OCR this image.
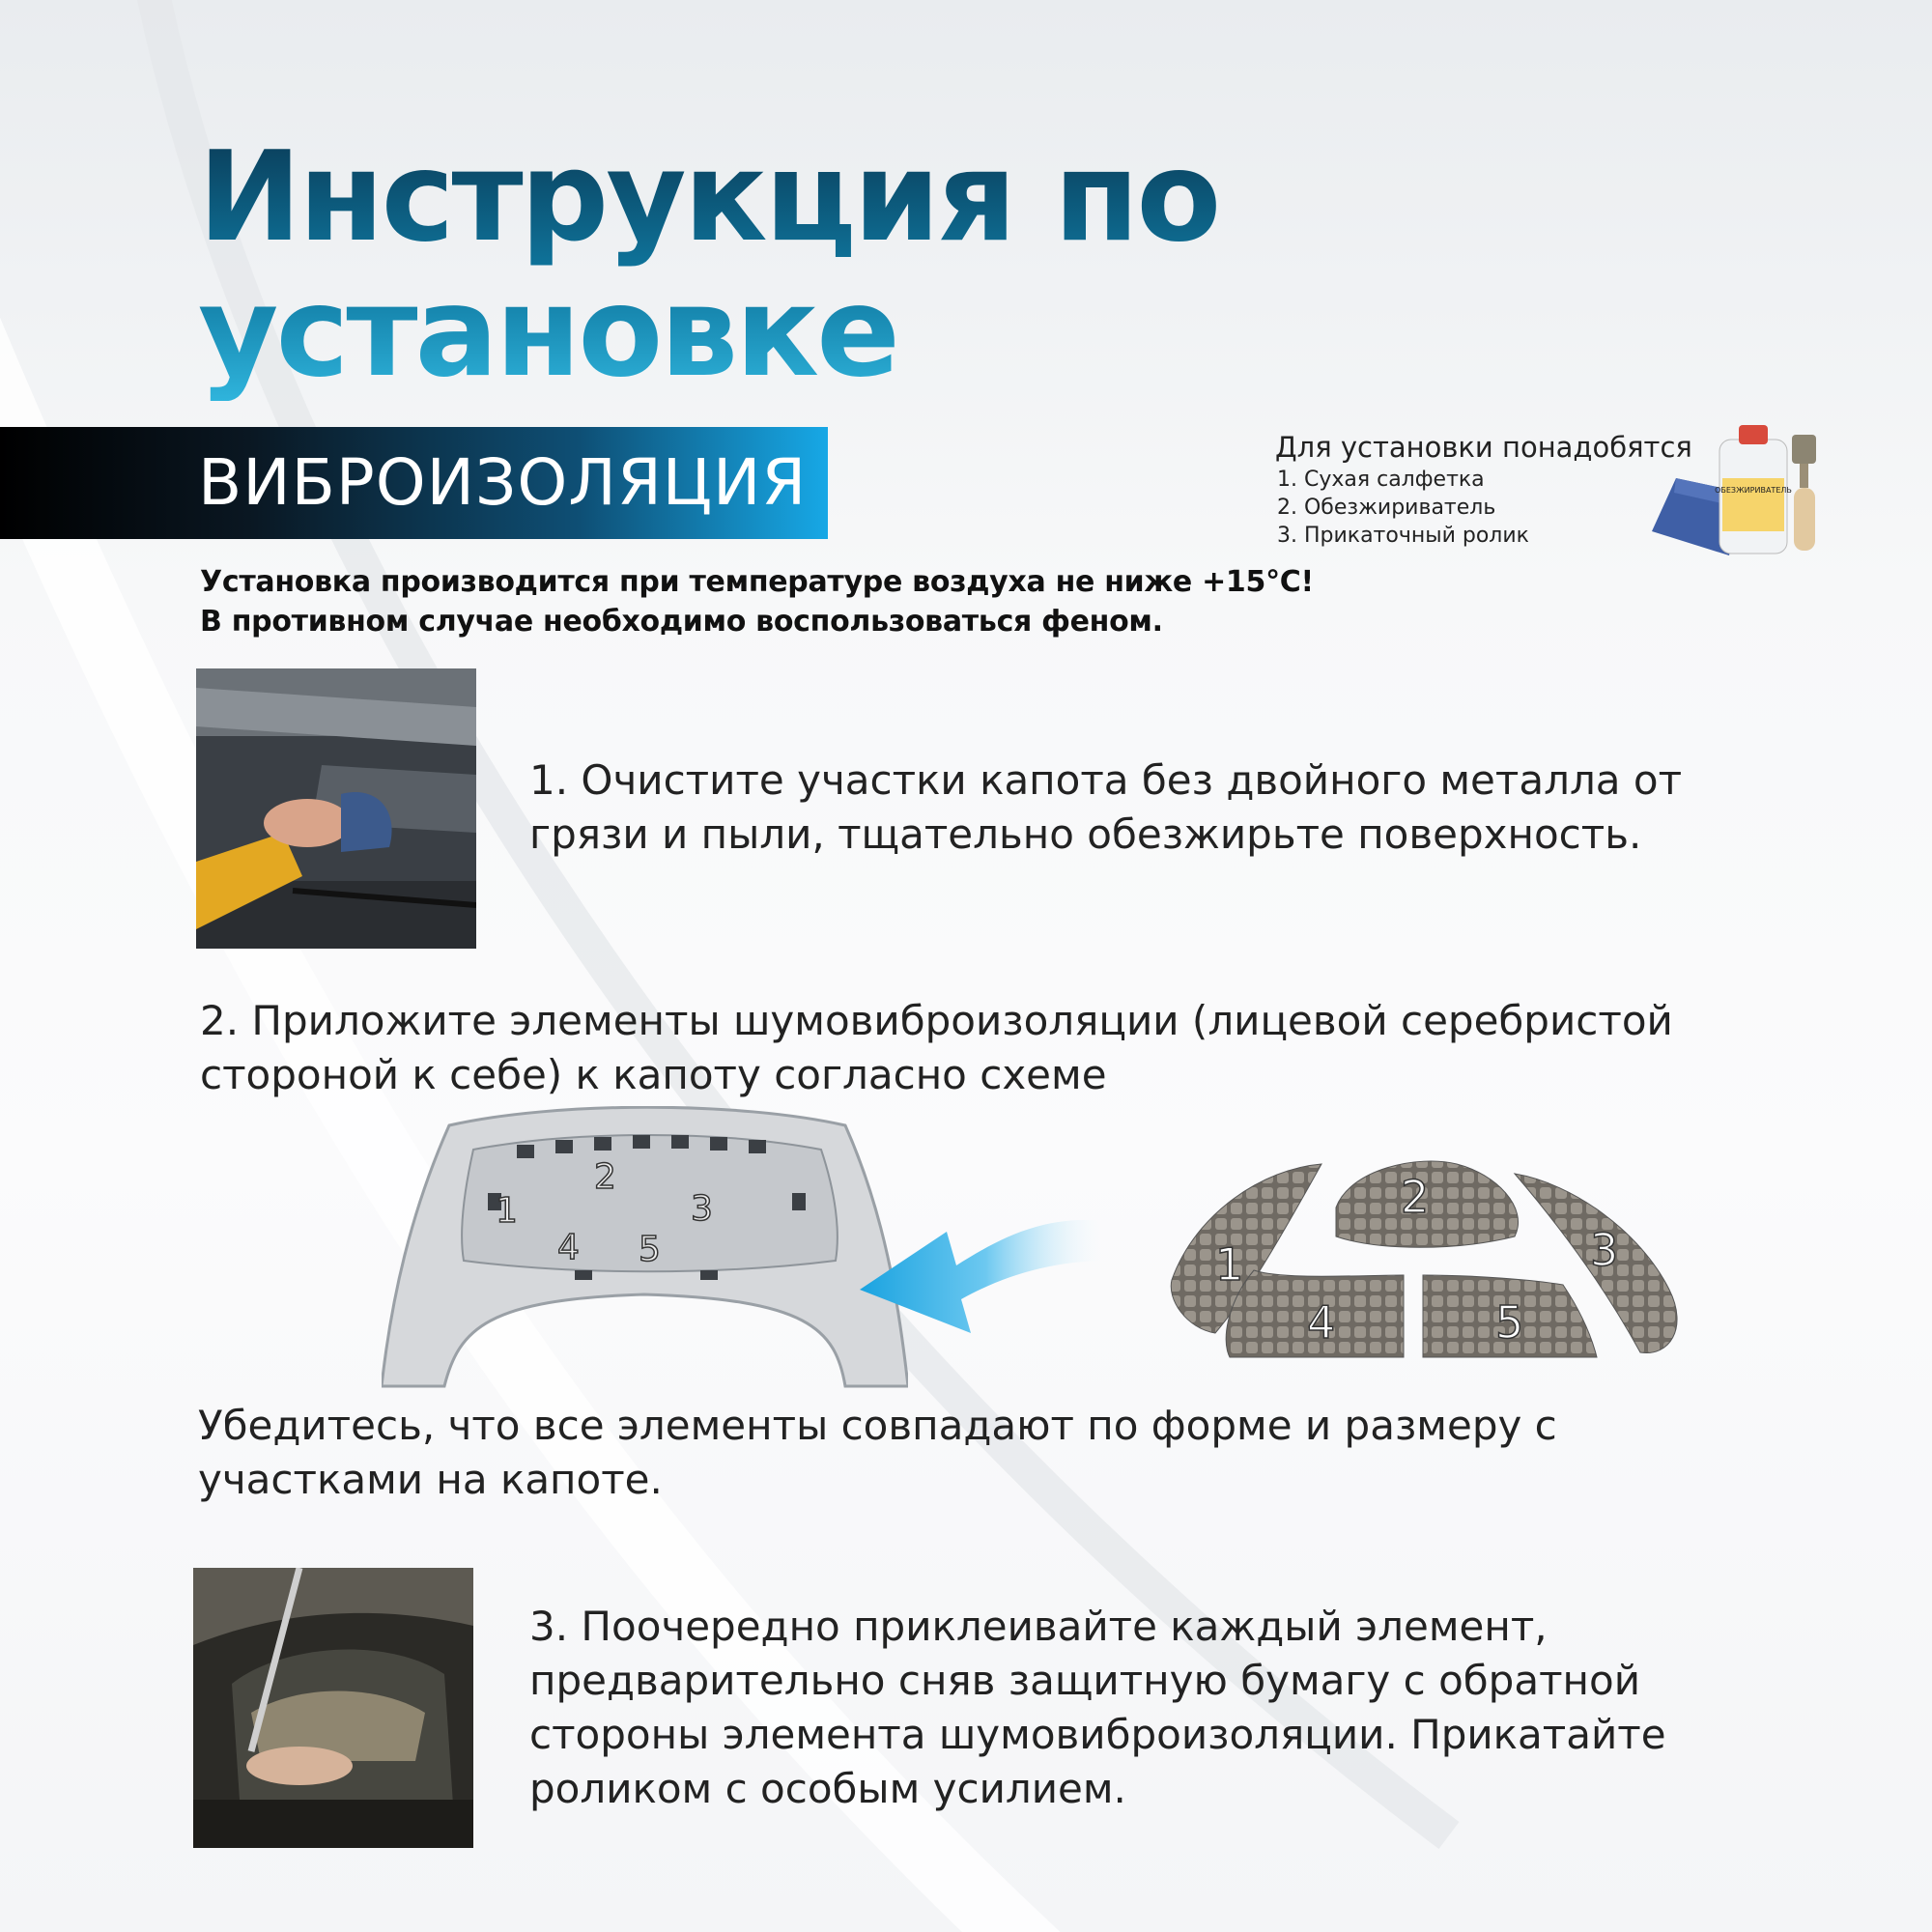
Инструкция по
установке
ВИБРОИЗОЛЯЦИЯ	Для установки понадобятся
1. Сухая салфетка
2. Обезжириватель
3. Прикаточный ролик
ОБЕЗЖИРИВАТЕЛЬ
Установка производится при температуре воздуха не ниже +15°С!
В противном случае необходимо воспользоваться феном.
1. Очистите участки капота без двойного металла от
грязи и пыли, тщательно обезжирьте поверхность.
2. Приложите элементы шумовиброизоляции (лицевой серебристой
стороной к себе) к капоту согласно схеме
1
2
3
4 5	1
2
3
4	5
Убедитесь, что все элементы совпадают по форме и размеру с
участками на капоте.
3. Поочередно приклеивайте каждый элемент,
предварительно сняв защитную бумагу с обратной
стороны элемента шумовиброизоляции. Прикатайте
роликом с особым усилием.
